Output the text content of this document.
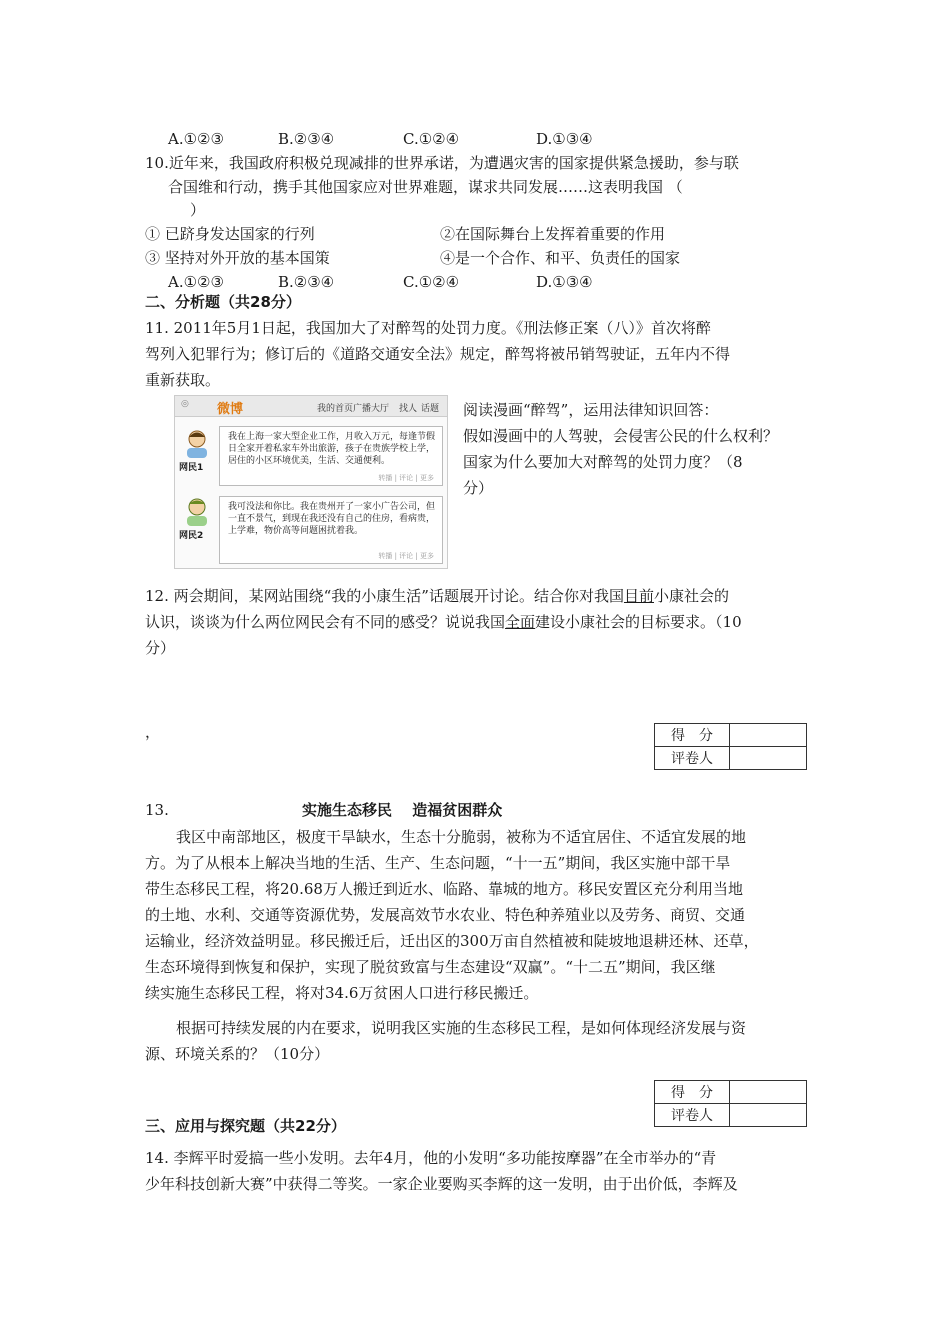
A.①②③	B.②③④	C.①②④	D.①③④
10.近年来，我国政府积极兑现减排的世界承诺，为遭遇灾害的国家提供紧急援助，参与联
合国维和行动，携手其他国家应对世界难题，谋求共同发展……这表明我国 （
）
① 已跻身发达国家的行列	②在国际舞台上发挥着重要的作用
③ 坚持对外开放的基本国策	④是一个合作、和平、负责任的国家
A.①②③	B.②③④	C.①②④	D.①③④
二、分析题（共28分）
11. 2011年5月1日起，我国加大了对醉驾的处罚力度。《刑法修正案（八）》首次将醉
驾列入犯罪行为；修订后的《道路交通安全法》规定，醉驾将被吊销驾驶证，五年内不得
重新获取。
◎ 微博	我的首页 广播大厅 找人 话题
网民1
我在上海一家大型企业工作，月收入万元，每逢节假日全家开着私家车外出旅游，孩子在贵族学校上学，居住的小区环境优美，生活、交通便利。
转播 | 评论 | 更多
网民2
我可没法和你比。我在贵州开了一家小广告公司，但一直不景气，到现在我还没有自己的住房，看病贵，上学难，物价高等问题困扰着我。
转播 | 评论 | 更多
阅读漫画“醉驾”，运用法律知识回答：
假如漫画中的人驾驶，会侵害公民的什么权利？
国家为什么要加大对醉驾的处罚力度？（8
分）
12. 两会期间，某网站围绕“我的小康生活”话题展开讨论。结合你对我国目前小康社会的
认识，谈谈为什么两位网民会有不同的感受？说说我国全面建设小康社会的目标要求。（10
分）
，	得　分	
评卷人	
13.	实施生态移民　 造福贫困群众
我区中南部地区，极度干旱缺水，生态十分脆弱，被称为不适宜居住、不适宜发展的地
方。为了从根本上解决当地的生活、生产、生态问题，“十一五”期间，我区实施中部干旱
带生态移民工程，将20.68万人搬迁到近水、临路、靠城的地方。移民安置区充分利用当地
的土地、水利、交通等资源优势，发展高效节水农业、特色种养殖业以及劳务、商贸、交通
运输业，经济效益明显。移民搬迁后，迁出区的300万亩自然植被和陡坡地退耕还林、还草，
生态环境得到恢复和保护，实现了脱贫致富与生态建设“双赢”。“十二五”期间，我区继
续实施生态移民工程，将对34.6万贫困人口进行移民搬迁。
根据可持续发展的内在要求，说明我区实施的生态移民工程，是如何体现经济发展与资
源、环境关系的？（10分）
得　分	
评卷人	
三、应用与探究题（共22分）
14. 李辉平时爱搞一些小发明。去年4月，他的小发明“多功能按摩器”在全市举办的“青
少年科技创新大赛”中获得二等奖。一家企业要购买李辉的这一发明，由于出价低，李辉及
